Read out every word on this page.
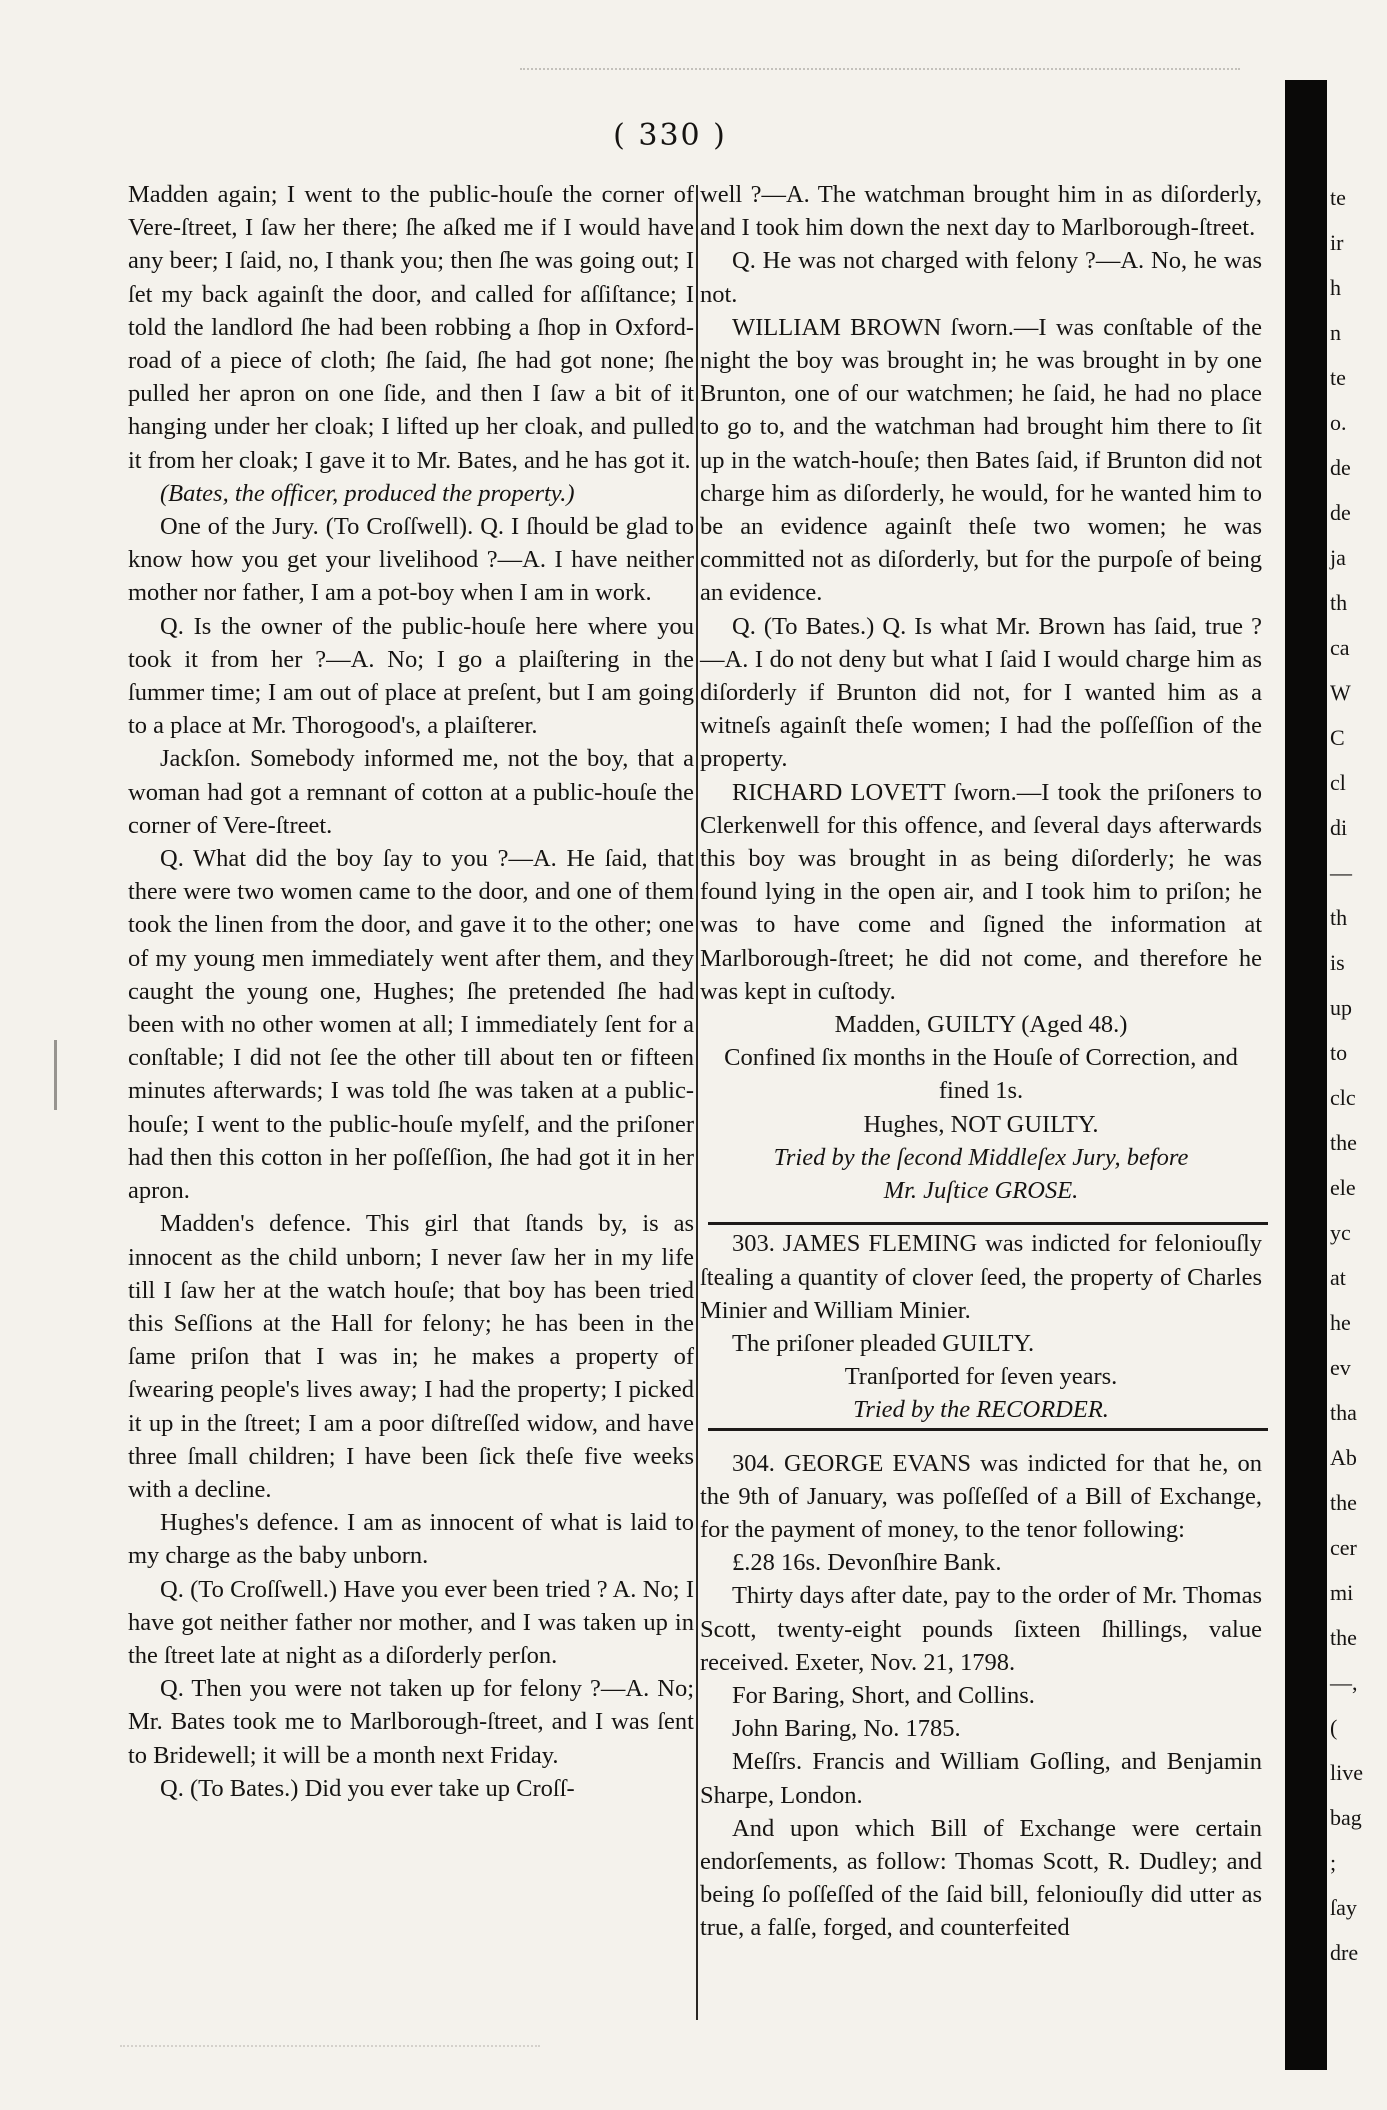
( 330 )

Madden again; I went to the public-houſe the corner of Vere-ſtreet, I ſaw her there; ſhe aſked me if I would have any beer; I ſaid, no, I thank you; then ſhe was going out; I ſet my back againſt the door, and called for aſſiſtance; I told the landlord ſhe had been robbing a ſhop in Oxford-road of a piece of cloth; ſhe ſaid, ſhe had got none; ſhe pulled her apron on one ſide, and then I ſaw a bit of it hanging under her cloak; I lifted up her cloak, and pulled it from her cloak; I gave it to Mr. Bates, and he has got it.

(Bates, the officer, produced the property.)

One of the Jury. (To Croſſwell). Q. I ſhould be glad to know how you get your livelihood ?—A. I have neither mother nor father, I am a pot-boy when I am in work.

Q. Is the owner of the public-houſe here where you took it from her ?—A. No; I go a plaiſtering in the ſummer time; I am out of place at preſent, but I am going to a place at Mr. Thorogood's, a plaiſterer.

Jackſon. Somebody informed me, not the boy, that a woman had got a remnant of cotton at a public-houſe the corner of Vere-ſtreet.

Q. What did the boy ſay to you ?—A. He ſaid, that there were two women came to the door, and one of them took the linen from the door, and gave it to the other; one of my young men immediately went after them, and they caught the young one, Hughes; ſhe pretended ſhe had been with no other women at all; I immediately ſent for a conſtable; I did not ſee the other till about ten or fifteen minutes afterwards; I was told ſhe was taken at a public-houſe; I went to the public-houſe myſelf, and the priſoner had then this cotton in her poſſeſſion, ſhe had got it in her apron.

Madden's defence. This girl that ſtands by, is as innocent as the child unborn; I never ſaw her in my life till I ſaw her at the watch houſe; that boy has been tried this Seſſions at the Hall for felony; he has been in the ſame priſon that I was in; he makes a property of ſwearing people's lives away; I had the property; I picked it up in the ſtreet; I am a poor diſtreſſed widow, and have three ſmall children; I have been ſick theſe five weeks with a decline.

Hughes's defence. I am as innocent of what is laid to my charge as the baby unborn.

Q. (To Croſſwell.) Have you ever been tried ? A. No; I have got neither father nor mother, and I was taken up in the ſtreet late at night as a diſorderly perſon.

Q. Then you were not taken up for felony ?—A. No; Mr. Bates took me to Marlborough-ſtreet, and I was ſent to Bridewell; it will be a month next Friday.

Q. (To Bates.) Did you ever take up Croſſ-

well ?—A. The watchman brought him in as diſorderly, and I took him down the next day to Marlborough-ſtreet.

Q. He was not charged with felony ?—A. No, he was not.

WILLIAM BROWN ſworn.—I was conſtable of the night the boy was brought in; he was brought in by one Brunton, one of our watchmen; he ſaid, he had no place to go to, and the watchman had brought him there to ſit up in the watch-houſe; then Bates ſaid, if Brunton did not charge him as diſorderly, he would, for he wanted him to be an evidence againſt theſe two women; he was committed not as diſorderly, but for the purpoſe of being an evidence.

Q. (To Bates.) Q. Is what Mr. Brown has ſaid, true ?—A. I do not deny but what I ſaid I would charge him as diſorderly if Brunton did not, for I wanted him as a witneſs againſt theſe women; I had the poſſeſſion of the property.

RICHARD LOVETT ſworn.—I took the priſoners to Clerkenwell for this offence, and ſeveral days afterwards this boy was brought in as being diſorderly; he was found lying in the open air, and I took him to priſon; he was to have come and ſigned the information at Marlborough-ſtreet; he did not come, and therefore he was kept in cuſtody.

Madden, GUILTY (Aged 48.)

Confined ſix months in the Houſe of Correction, and fined 1s.

Hughes, NOT GUILTY.

Tried by the ſecond Middleſex Jury, before

Mr. Juſtice GROSE.

303. JAMES FLEMING was indicted for feloniouſly ſtealing a quantity of clover ſeed, the property of Charles Minier and William Minier.

The priſoner pleaded GUILTY.

Tranſported for ſeven years.

Tried by the RECORDER.

304. GEORGE EVANS was indicted for that he, on the 9th of January, was poſſeſſed of a Bill of Exchange, for the payment of money, to the tenor following:

£.28 16s. Devonſhire Bank.

Thirty days after date, pay to the order of Mr. Thomas Scott, twenty-eight pounds ſixteen ſhillings, value received. Exeter, Nov. 21, 1798.

For Baring, Short, and Collins.

John Baring, No. 1785.

Meſſrs. Francis and William Goſling, and Benjamin Sharpe, London.

And upon which Bill of Exchange were certain endorſements, as follow: Thomas Scott, R. Dudley; and being ſo poſſeſſed of the ſaid bill, feloniouſly did utter as true, a falſe, forged, and counterfeited

te
ir
h
n
te
o.
de
de
ja
th
ca
W
C
cl
di
—
th
is
up
to
clc
the
ele
yc
at
he
ev
tha
Ab
the
cer
mi
the
—,
(
live
bag
;
ſay
dre
